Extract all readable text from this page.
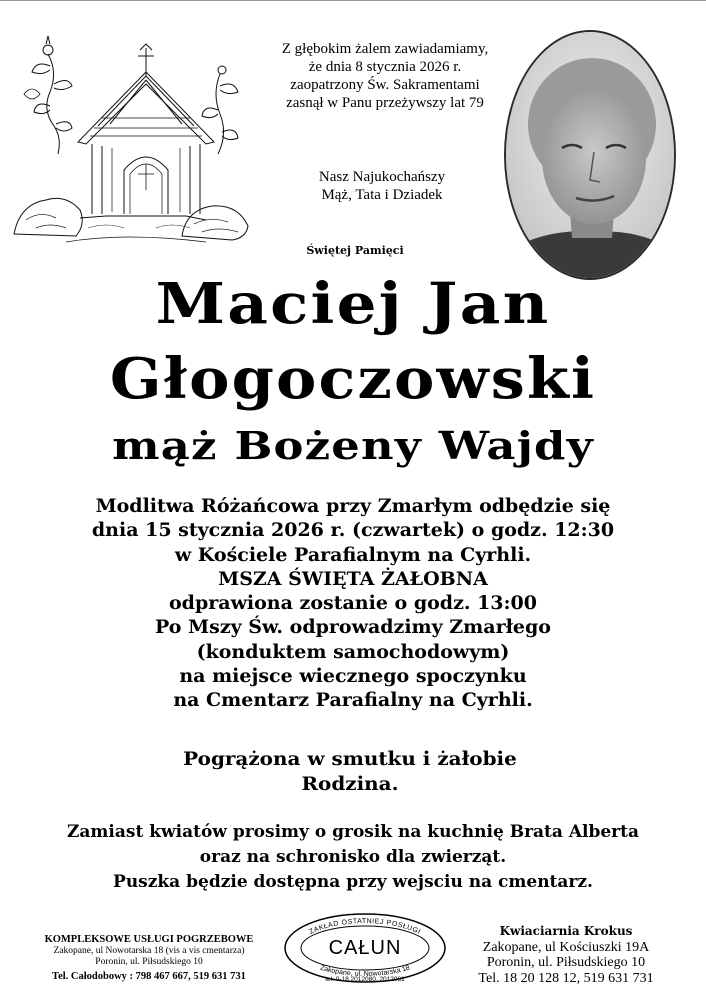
Z głębokim żalem zawiadamiamy,
że dnia 8 stycznia 2026 r.
zaopatrzony Św. Sakramentami
zasnął w Panu przeżywszy lat 79
Nasz Najukochańszy
Mąż, Tata i Dziadek
Świętej Pamięci
Maciej Jan
Głogoczowski
mąż Bożeny Wajdy
Modlitwa Różańcowa przy Zmarłym odbędzie się
dnia 15 stycznia 2026 r. (czwartek) o godz. 12:30
w Kościele Parafialnym na Cyrhli.
MSZA ŚWIĘTA ŻAŁOBNA
odprawiona zostanie o godz. 13:00
Po Mszy Św. odprowadzimy Zmarłego
(konduktem samochodowym)
na miejsce wiecznego spoczynku
na Cmentarz Parafialny na Cyrhli.
Pogrążona w smutku i żałobie
Rodzina.
Zamiast kwiatów prosimy o grosik na kuchnię Brata Alberta
oraz na schronisko dla zwierząt.
Puszka będzie dostępna przy wejsciu na cmentarz.
KOMPLEKSOWE USŁUGI POGRZEBOWE
Zakopane, ul Nowotarska 18 (vis a vis cmentarza)
Poronin, ul. Piłsudskiego 10
Tel. Całodobowy : 798 467 667, 519 631 731
ZAKŁAD OSTATNIEJ POSŁUGI
CAŁUN
Zakopane, ul. Nowotarska 18
tel. 0-18 2012080, 2012081
Kwiaciarnia Krokus
Zakopane, ul Kościuszki 19A
Poronin, ul. Piłsudskiego 10
Tel. 18 20 128 12, 519 631 731
